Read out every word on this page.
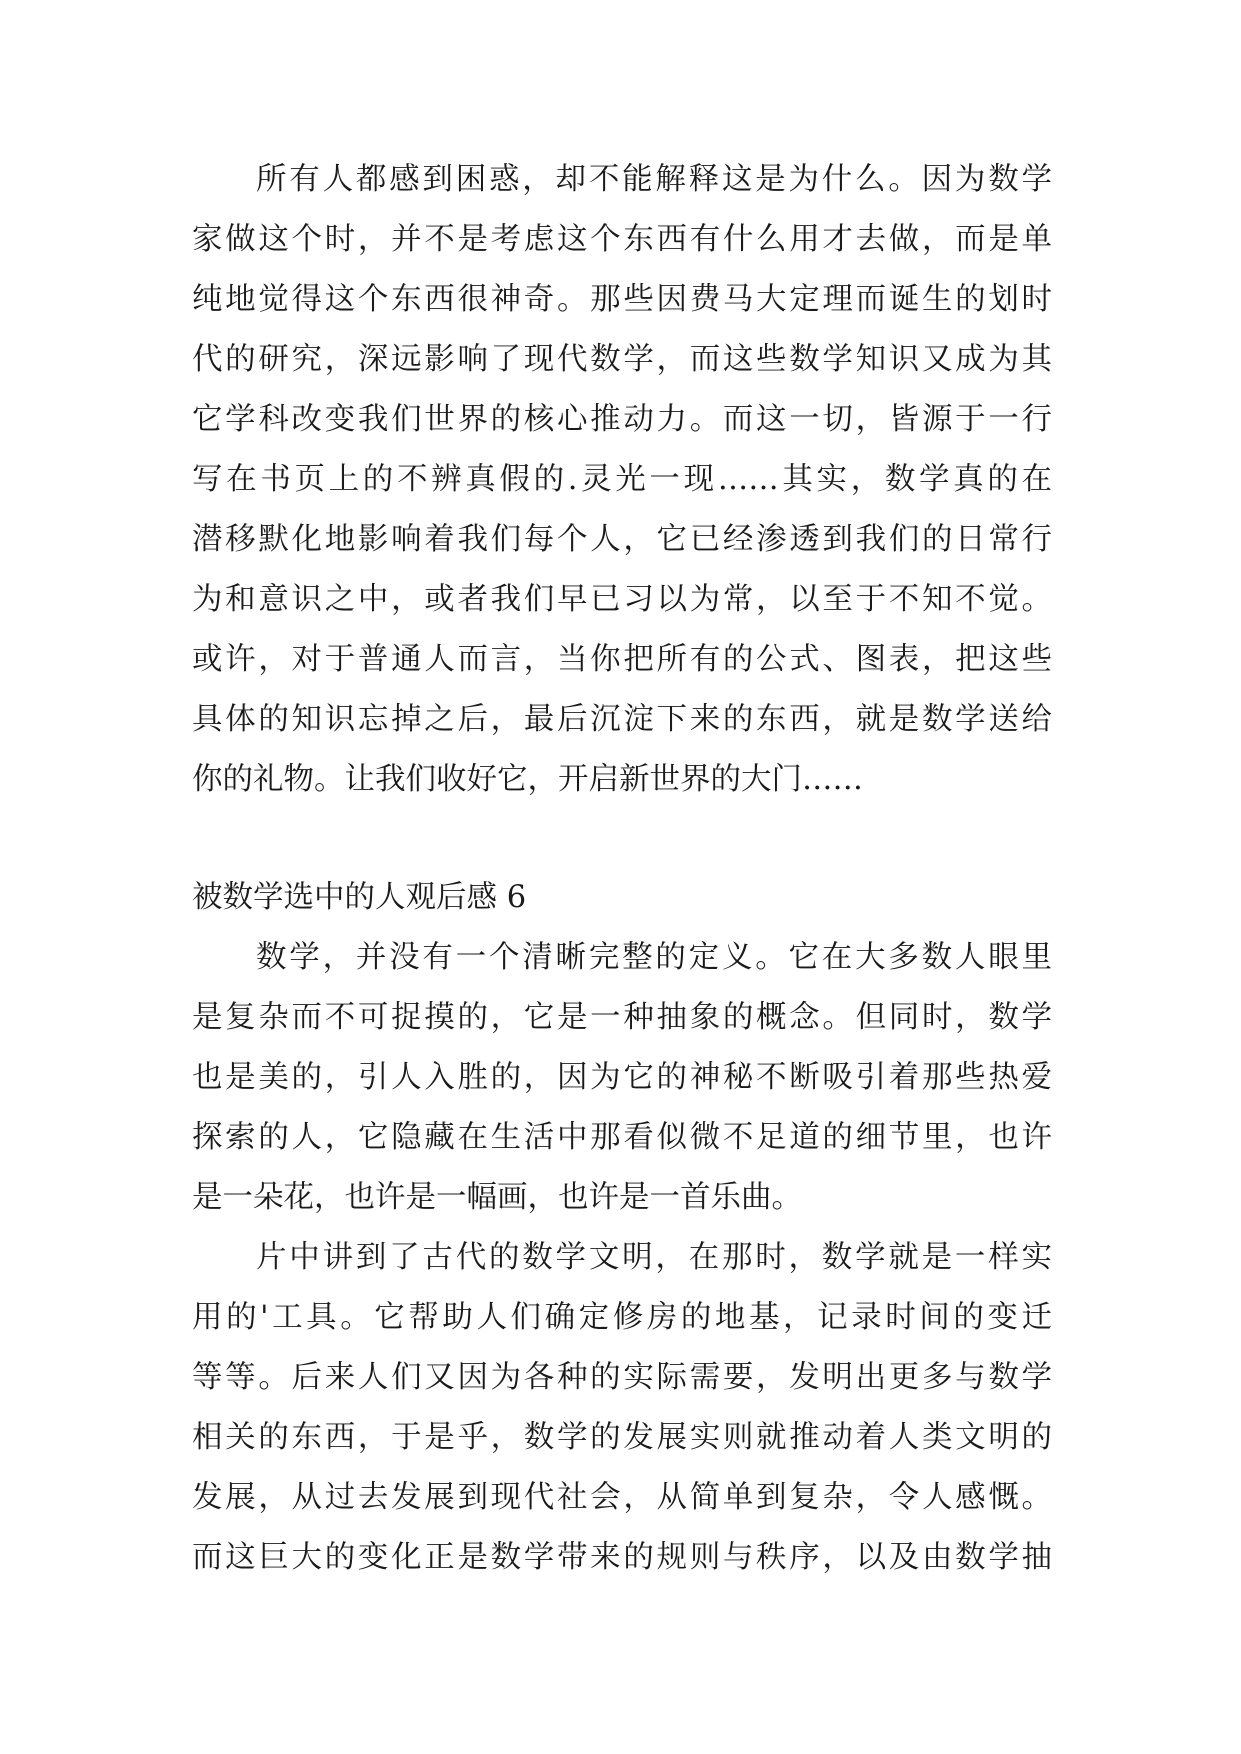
所有人都感到困惑，却不能解释这是为什么。因为数学
家做这个时，并不是考虑这个东西有什么用才去做，而是单
纯地觉得这个东西很神奇。那些因费马大定理而诞生的划时
代的研究，深远影响了现代数学，而这些数学知识又成为其
它学科改变我们世界的核心推动力。而这一切，皆源于一行
写在书页上的不辨真假的.灵光一现……其实，数学真的在
潜移默化地影响着我们每个人，它已经渗透到我们的日常行
为和意识之中，或者我们早已习以为常，以至于不知不觉。
或许，对于普通人而言，当你把所有的公式、图表，把这些
具体的知识忘掉之后，最后沉淀下来的东西，就是数学送给
你的礼物。让我们收好它，开启新世界的大门……
被数学选中的人观后感 6
数学，并没有一个清晰完整的定义。它在大多数人眼里
是复杂而不可捉摸的，它是一种抽象的概念。但同时，数学
也是美的，引人入胜的，因为它的神秘不断吸引着那些热爱
探索的人，它隐藏在生活中那看似微不足道的细节里，也许
是一朵花，也许是一幅画，也许是一首乐曲。
片中讲到了古代的数学文明，在那时，数学就是一样实
用的'工具。它帮助人们确定修房的地基，记录时间的变迁
等等。后来人们又因为各种的实际需要，发明出更多与数学
相关的东西，于是乎，数学的发展实则就推动着人类文明的
发展，从过去发展到现代社会，从简单到复杂，令人感慨。
而这巨大的变化正是数学带来的规则与秩序，以及由数学抽
